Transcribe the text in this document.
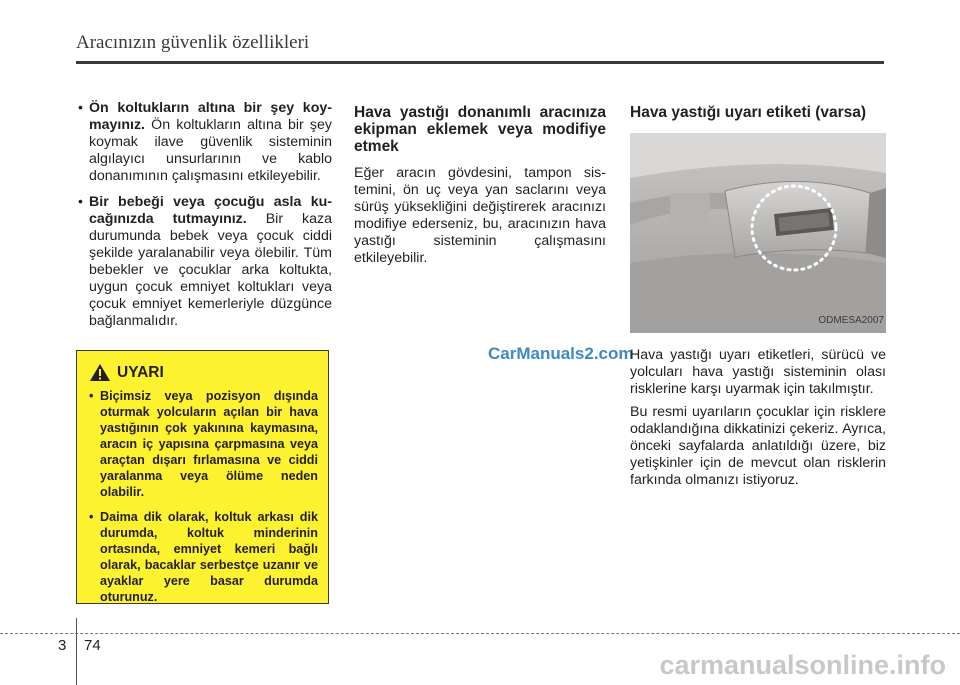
Aracınızın güvenlik özellikleri
• Ön koltukların altına bir şey koymayınız. Ön koltukların altına bir şey koymak ilave güvenlik sisteminin algılayıcı unsurlarının ve kablo donanımının çalışmasını etkileyebilir.
• Bir bebeği veya çocuğu asla kucağınızda tutmayınız. Bir kaza durumunda bebek veya çocuk ciddi şekilde yaralanabilir veya ölebilir. Tüm bebekler ve çocuklar arka koltukta, uygun çocuk emniyet koltukları veya çocuk emniyet kemerleriyle düzgünce bağlanmalıdır.
UYARI
• Biçimsiz veya pozisyon dışında oturmak yolcuların açılan bir hava yastığının çok yakınına kaymasına, aracın iç yapısına çarpmasına veya araçtan dışarı fırlamasına ve ciddi yaralanma veya ölüme neden olabilir.
• Daima dik olarak, koltuk arkası dik durumda, koltuk minderinin ortasında, emniyet kemeri bağlı olarak, bacaklar serbestçe uzanır ve ayaklar yere basar durumda oturunuz.
Hava yastığı donanımlı aracınıza ekipman eklemek veya modifiye etmek

Eğer aracın gövdesini, tampon sistemini, ön uç veya yan saclarını veya sürüş yüksekliğini değiştirerek aracınızı modifiye ederseniz, bu, aracınızın hava yastığı sisteminin çalışmasını etkileyebilir.

CarManuals2.com
Hava yastığı uyarı etiketi (varsa)
ODMESA2007

Hava yastığı uyarı etiketleri, sürücü ve yolcuları hava yastığı sisteminin olası risklerine karşı uyarmak için takılmıştır.

Bu resmi uyarıların çocuklar için risklere odaklandığına dikkatinizi çekeriz. Ayrıca, önceki sayfalarda anlatıldığı üzere, biz yetişkinler için de mevcut olan risklerin farkında olmanızı istiyoruz.

3 74
carmanualsonline.info
